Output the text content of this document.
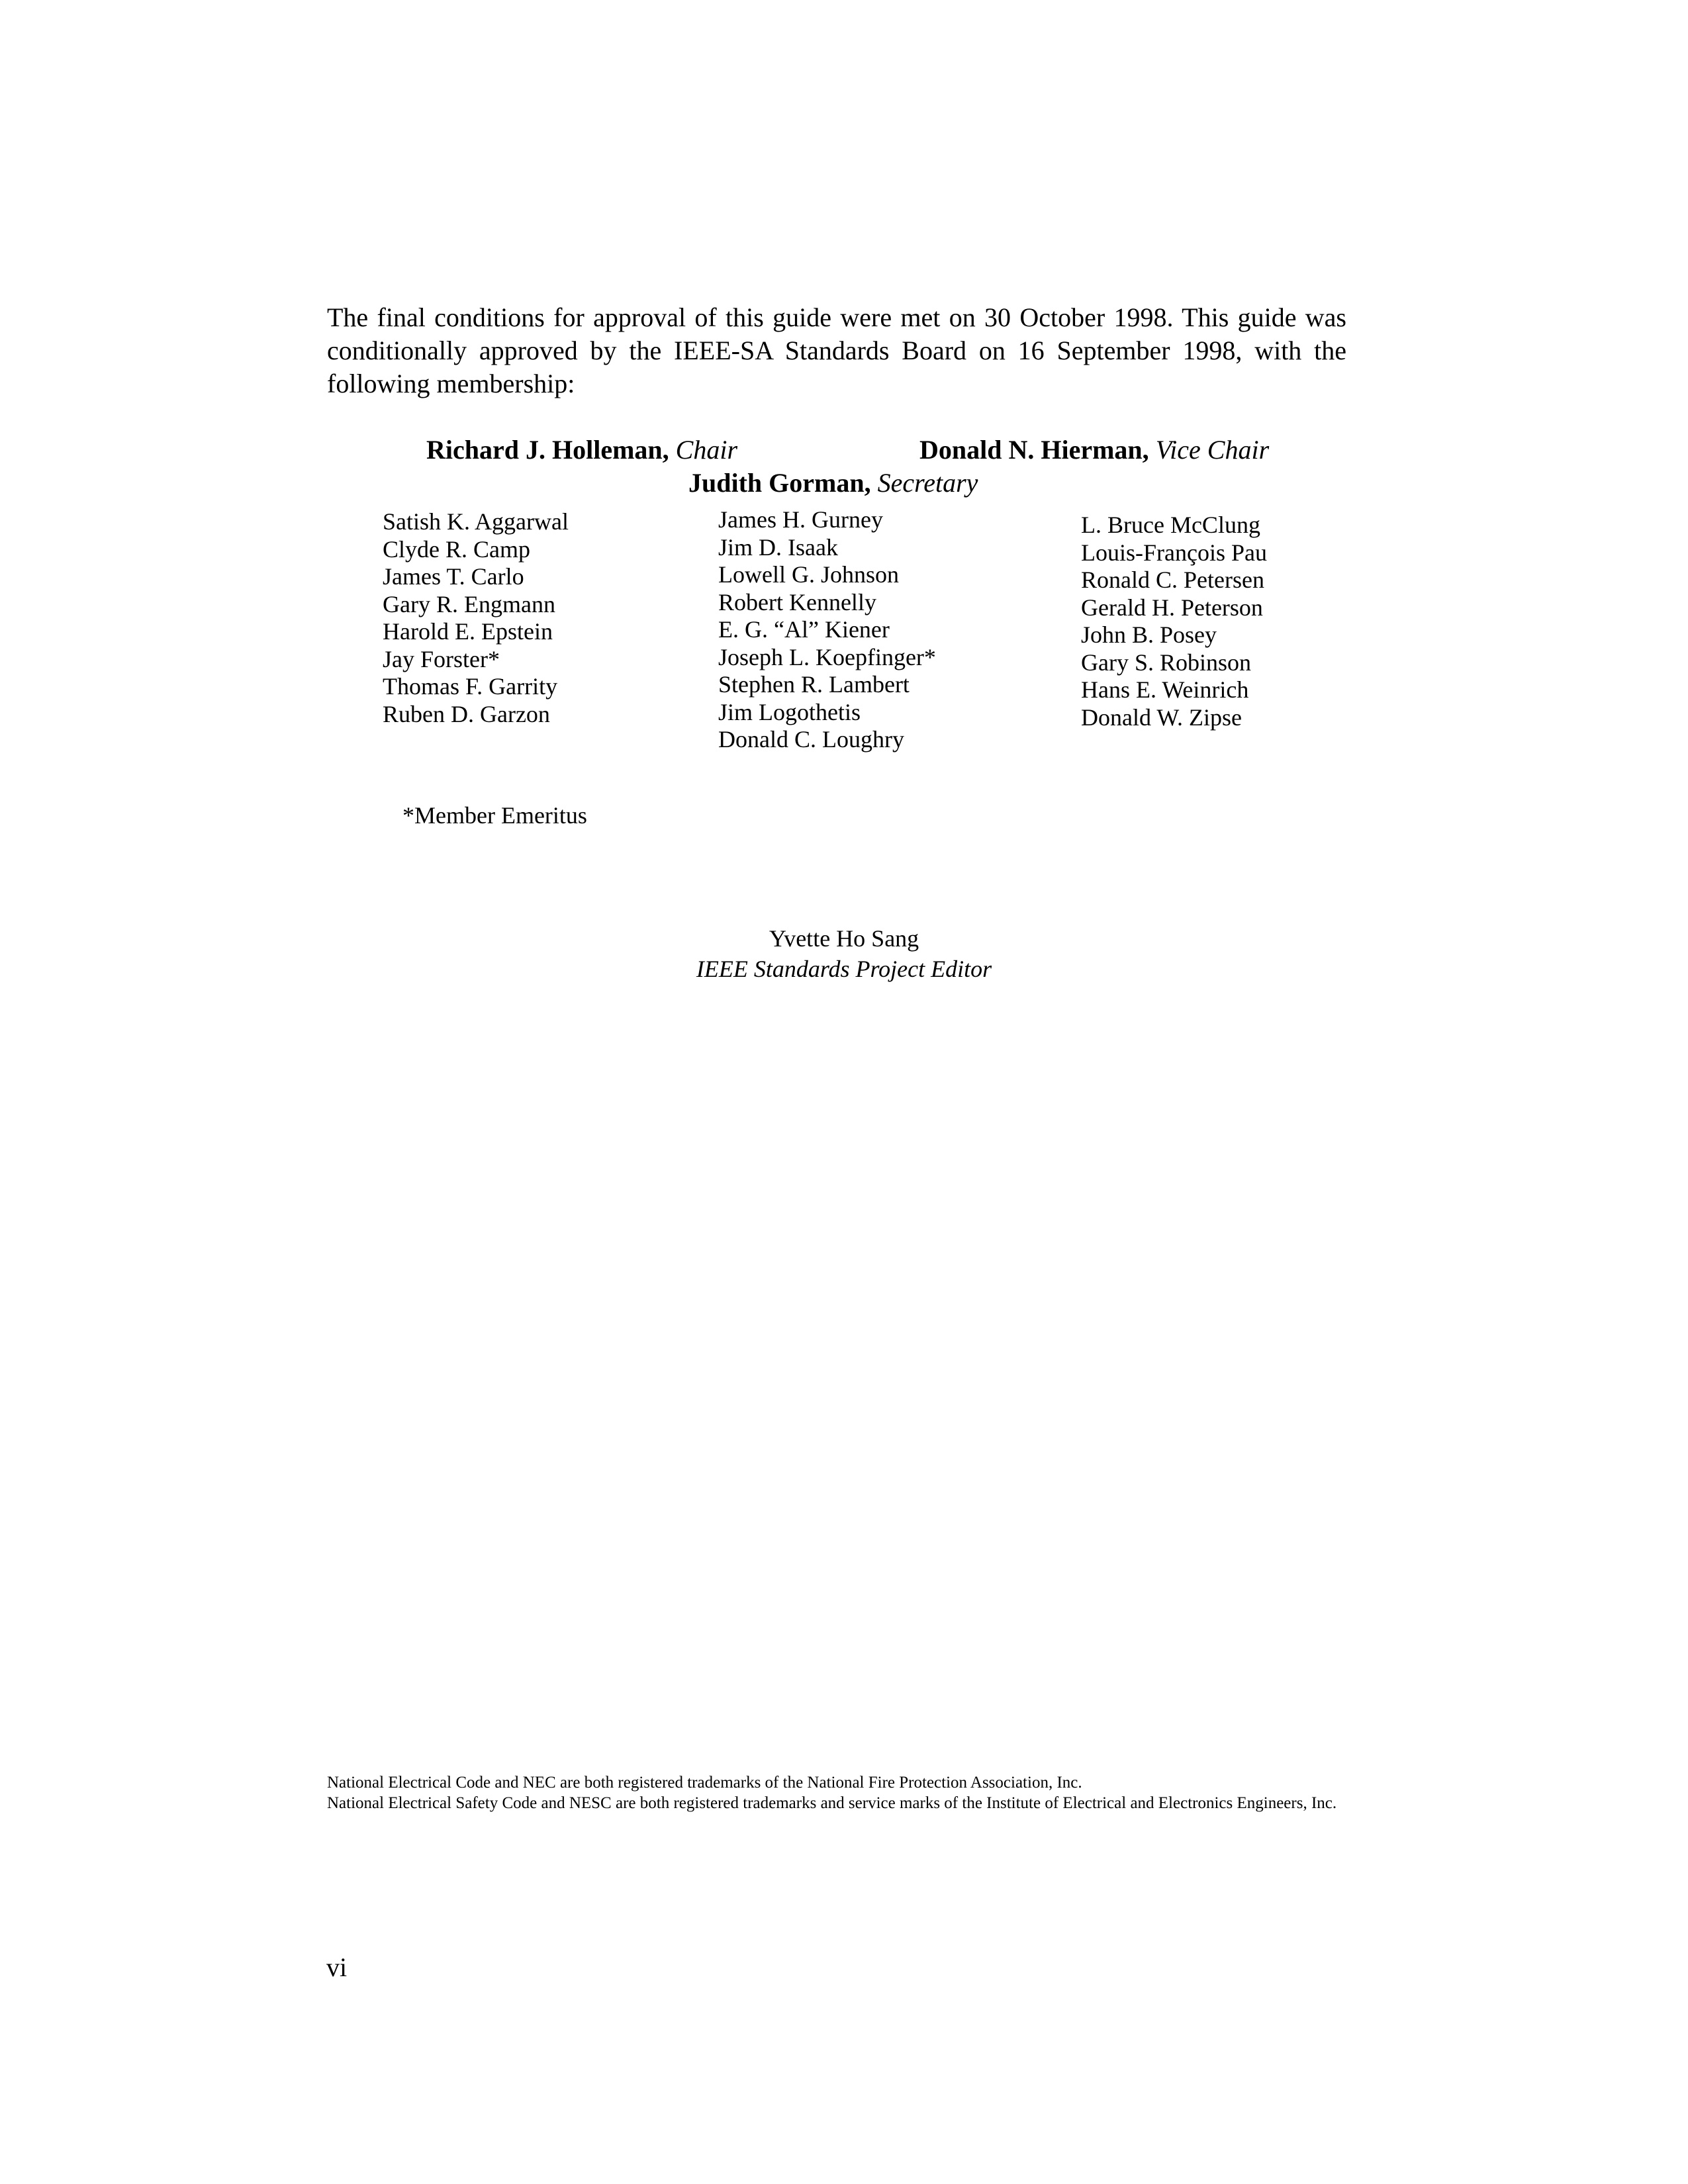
The final conditions for approval of this guide were met on 30 October 1998. This guide was conditionally approved by the IEEE-SA Standards Board on 16 September 1998, with the following membership:
Richard J. Holleman, Chair	Donald N. Hierman, Vice Chair
Judith Gorman, Secretary
Satish K. Aggarwal
Clyde R. Camp
James T. Carlo
Gary R. Engmann
Harold E. Epstein
Jay Forster*
Thomas F. Garrity
Ruben D. Garzon
James H. Gurney
Jim D. Isaak
Lowell G. Johnson
Robert Kennelly
E. G. “Al” Kiener
Joseph L. Koepfinger*
Stephen R. Lambert
Jim Logothetis
Donald C. Loughry
L. Bruce McClung
Louis-François Pau
Ronald C. Petersen
Gerald H. Peterson
John B. Posey
Gary S. Robinson
Hans E. Weinrich
Donald W. Zipse
*Member Emeritus
Yvette Ho Sang
IEEE Standards Project Editor
National Electrical Code and NEC are both registered trademarks of the National Fire Protection Association, Inc.
National Electrical Safety Code and NESC are both registered trademarks and service marks of the Institute of Electrical and Electronics Engineers, Inc.
vi
